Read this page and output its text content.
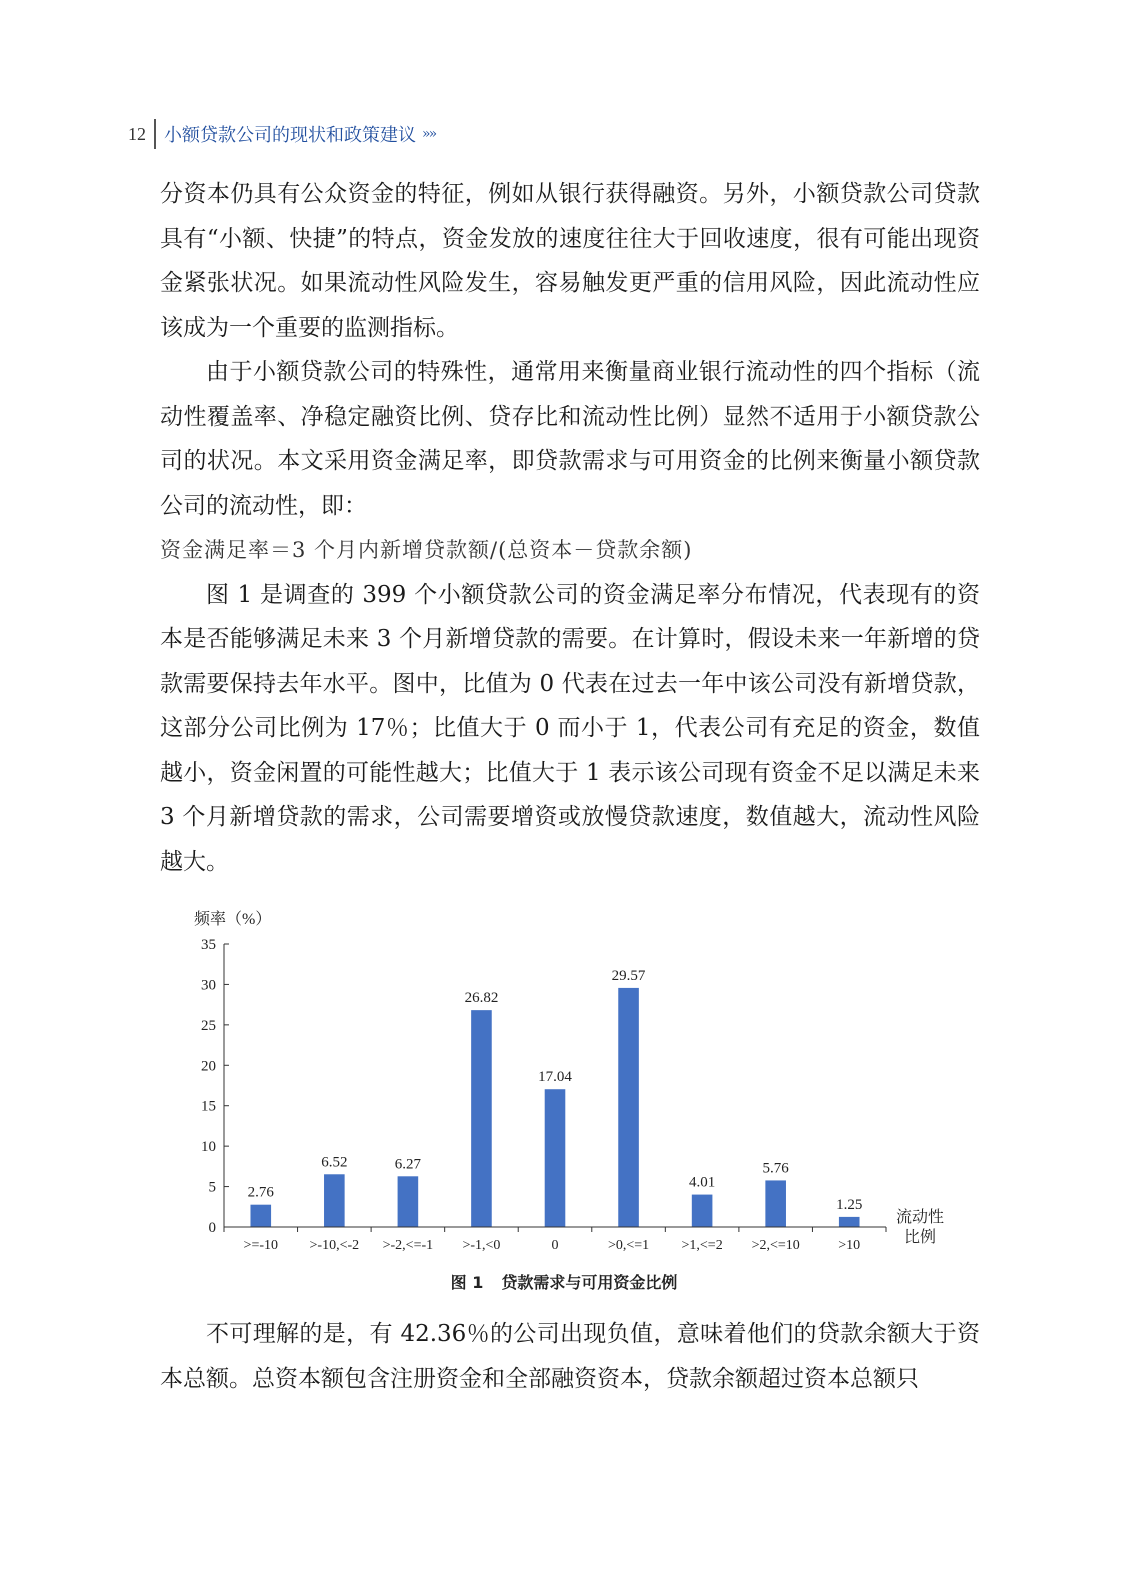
12 小额贷款公司的现状和政策建议 »»

分资本仍具有公众资金的特征，例如从银行获得融资。另外，小额贷款公司贷款具有“小额、快捷”的特点，资金发放的速度往往大于回收速度，很有可能出现资金紧张状况。如果流动性风险发生，容易触发更严重的信用风险，因此流动性应该成为一个重要的监测指标。

由于小额贷款公司的特殊性，通常用来衡量商业银行流动性的四个指标（流动性覆盖率、净稳定融资比例、贷存比和流动性比例）显然不适用于小额贷款公司的状况。本文采用资金满足率，即贷款需求与可用资金的比例来衡量小额贷款公司的流动性，即：

资金满足率＝3 个月内新增贷款额/(总资本－贷款余额)

图 1 是调查的 399 个小额贷款公司的资金满足率分布情况，代表现有的资本是否能够满足未来 3 个月新增贷款的需要。在计算时，假设未来一年新增的贷款需要保持去年水平。图中，比值为 0 代表在过去一年中该公司没有新增贷款，这部分公司比例为 17％；比值大于 0 而小于 1，代表公司有充足的资金，数值越小，资金闲置的可能性越大；比值大于 1 表示该公司现有资金不足以满足未来 3 个月新增贷款的需求，公司需要增资或放慢贷款速度，数值越大，流动性风险越大。

频率（%）
0
5
10
15
20
25
30
35
2.76
6.52	6.27
26.82
17.04
29.57
4.01
5.76
1.25
>=-10 >-10,<-2 >-2,<=-1 >-1,<0	0	>0,<=1 >1,<=2 >2,<=10	>10
流动性
比例
图 1 贷款需求与可用资金比例

不可理解的是，有 42.36％的公司出现负值，意味着他们的贷款余额大于资本总额。总资本额包含注册资金和全部融资资本，贷款余额超过资本总额只
